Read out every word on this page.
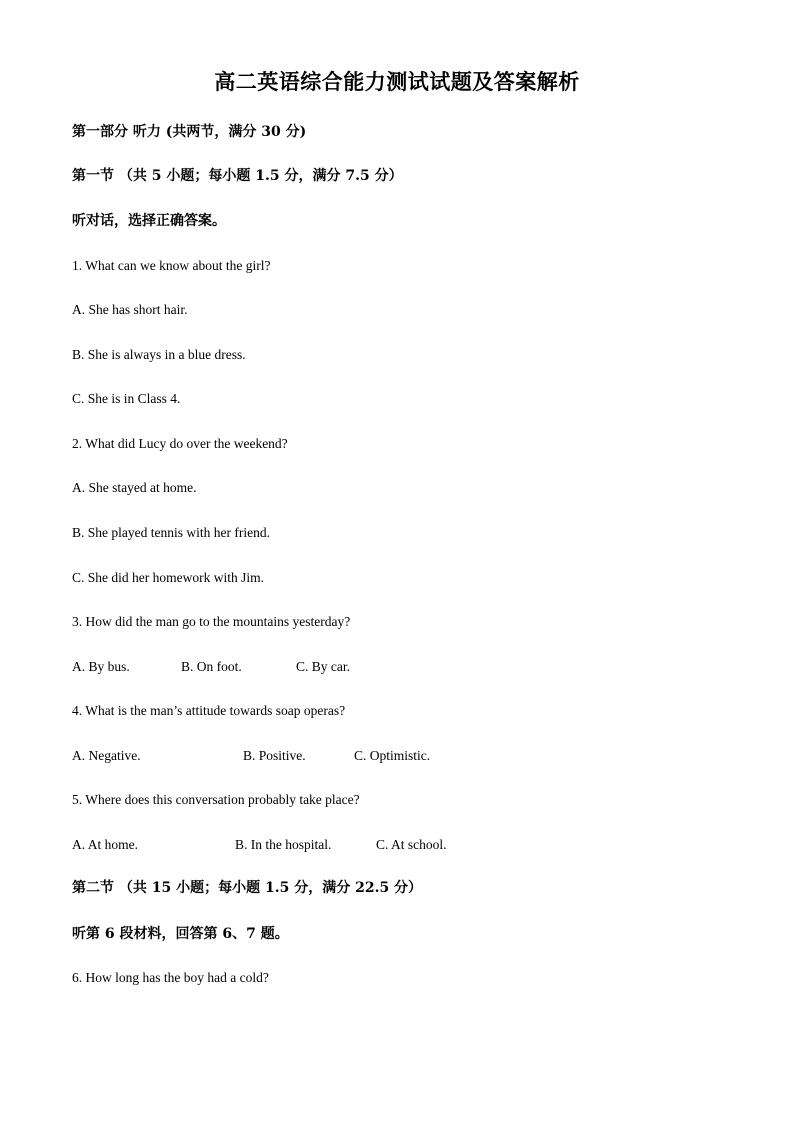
高二英语综合能力测试试题及答案解析
第一部分 听力 (共两节，满分 30 分)
第一节 （共 5 小题；每小题 1.5 分，满分 7.5 分）
听对话，选择正确答案。
1. What can we know about the girl?
A. She has short hair.
B. She is always in a blue dress.
C. She is in Class 4.
2. What did Lucy do over the weekend?
A. She stayed at home.
B. She played tennis with her friend.
C. She did her homework with Jim.
3. How did the man go to the mountains yesterday?
A. By bus.	B. On foot.	C. By car.
4. What is the man’s attitude towards soap operas?
A. Negative.	B. Positive.	C. Optimistic.
5. Where does this conversation probably take place?
A. At home.	B. In the hospital.	C. At school.
第二节 （共 15 小题；每小题 1.5 分，满分 22.5 分）
听第 6 段材料，回答第 6、7 题。
6. How long has the boy had a cold?
